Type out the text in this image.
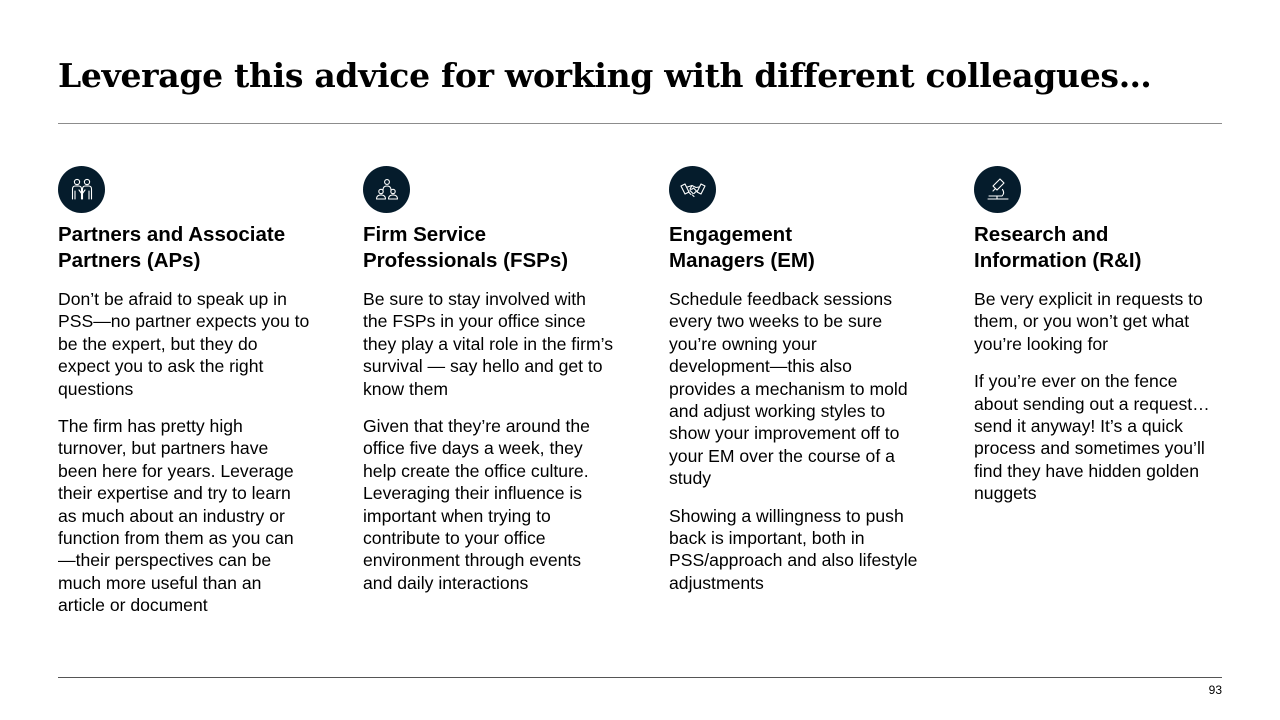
Leverage this advice for working with different colleagues…
Partners and Associate
Partners (APs)

Don’t be afraid to speak up in PSS—no partner expects you to be the expert, but they do expect you to ask the right questions

The firm has pretty high turnover, but partners have been here for years. Leverage their expertise and try to learn as much about an industry or function from them as you can—their perspectives can be much more useful than an article or document

Firm Service
Professionals (FSPs)

Be sure to stay involved with the FSPs in your office since they play a vital role in the firm’s survival — say hello and get to know them

Given that they’re around the office five days a week, they help create the office culture. Leveraging their influence is important when trying to contribute to your office environment through events and daily interactions

Engagement
Managers (EM)

Schedule feedback sessions every two weeks to be sure you’re owning your development—this also provides a mechanism to mold and adjust working styles to show your improvement off to your EM over the course of a study

Showing a willingness to push back is important, both in PSS/approach and also lifestyle adjustments

Research and
Information (R&I)

Be very explicit in requests to them, or you won’t get what you’re looking for

If you’re ever on the fence about sending out a request…send it anyway! It’s a quick process and sometimes you’ll find they have hidden golden nuggets

93
